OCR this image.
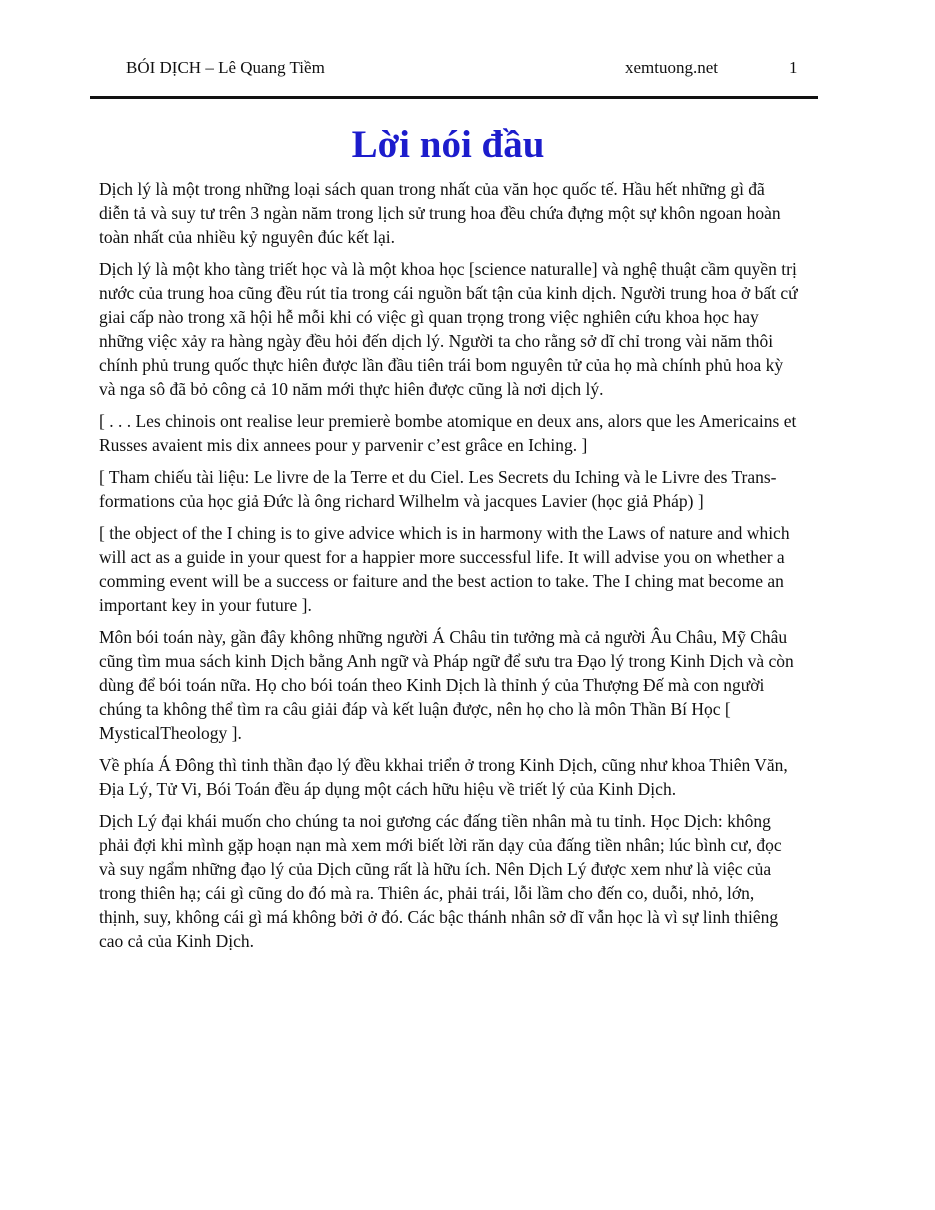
BÓI DỊCH – Lê Quang Tiềm	xemtuong.net	1
Lời nói đầu

Dịch lý là một trong những loại sách quan trong nhất của văn học quốc tế. Hầu hết những gì đã diễn tả và suy tư trên 3 ngàn năm trong lịch sử trung hoa đều chứa đựng một sự khôn ngoan hoàn toàn nhất của nhiều kỷ nguyên đúc kết lại.

Dịch lý là một kho tàng triết học và là một khoa học [science naturalle] và nghệ thuật cầm quyền trị nước của trung hoa cũng đều rút tỉa trong cái nguồn bất tận của kinh dịch. Người trung hoa ở bất cứ giai cấp nào trong xã hội hễ mỗi khi có việc gì quan trọng trong việc nghiên cứu khoa học hay những việc xảy ra hàng ngày đều hỏi đến dịch lý. Người ta cho rằng sở dĩ chỉ trong vài năm thôi chính phủ trung quốc thực hiên được lần đầu tiên trái bom nguyên tử của họ mà chính phủ hoa kỳ và nga sô đã bỏ công cả 10 năm mới thực hiên được cũng là nơi dịch lý.

[ . . . Les chinois ont realise leur premierè bombe atomique en deux ans, alors que les Americains et Russes avaient mis dix annees pour y parvenir c’est grâce en Iching. ]

[ Tham chiếu tài liệu: Le livre de la Terre et du Ciel. Les Secrets du Iching và le Livre des Trans-formations của học giả Đức là ông richard Wilhelm và jacques Lavier (học giả Pháp) ]

[ the object of the I ching is to give advice which is in harmony with the Laws of nature and which will act as a guide in your quest for a happier more successful life. It will advise you on whether a comming event will be a success or faiture and the best action to take. The I ching mat become an important key in your future ].

Môn bói toán này, gần đây không những người Á Châu tin tưởng mà cả người Âu Châu, Mỹ Châu cũng tìm mua sách kinh Dịch bằng Anh ngữ và Pháp ngữ để sưu tra Đạo lý trong Kinh Dịch và còn dùng để bói toán nữa. Họ cho bói toán theo Kinh Dịch là thỉnh ý của Thượng Đế mà con người chúng ta không thể tìm ra câu giải đáp và kết luận được, nên họ cho là môn Thần Bí Học [ MysticalTheology ].

Về phía Á Đông thì tinh thần đạo lý đều kkhai triển ở trong Kinh Dịch, cũng như khoa Thiên Văn, Địa Lý, Tử Vi, Bói Toán đều áp dụng một cách hữu hiệu về triết lý của Kinh Dịch.

Dịch Lý đại khái muốn cho chúng ta noi gương các đấng tiền nhân mà tu tỉnh. Học Dịch: không phải đợi khi mình gặp hoạn nạn mà xem mới biết lời răn dạy của đấng tiền nhân; lúc bình cư, đọc và suy ngẩm những đạo lý của Dịch cũng rất là hữu ích. Nên Dịch Lý được xem như là việc của trong thiên hạ; cái gì cũng do đó mà ra. Thiên ác, phải trái, lỗi lầm cho đến co, duỗi, nhỏ, lớn, thịnh, suy, không cái gì má không bởi ở đó. Các bậc thánh nhân sở dĩ vẫn học là vì sự linh thiêng cao cả của Kinh Dịch.
